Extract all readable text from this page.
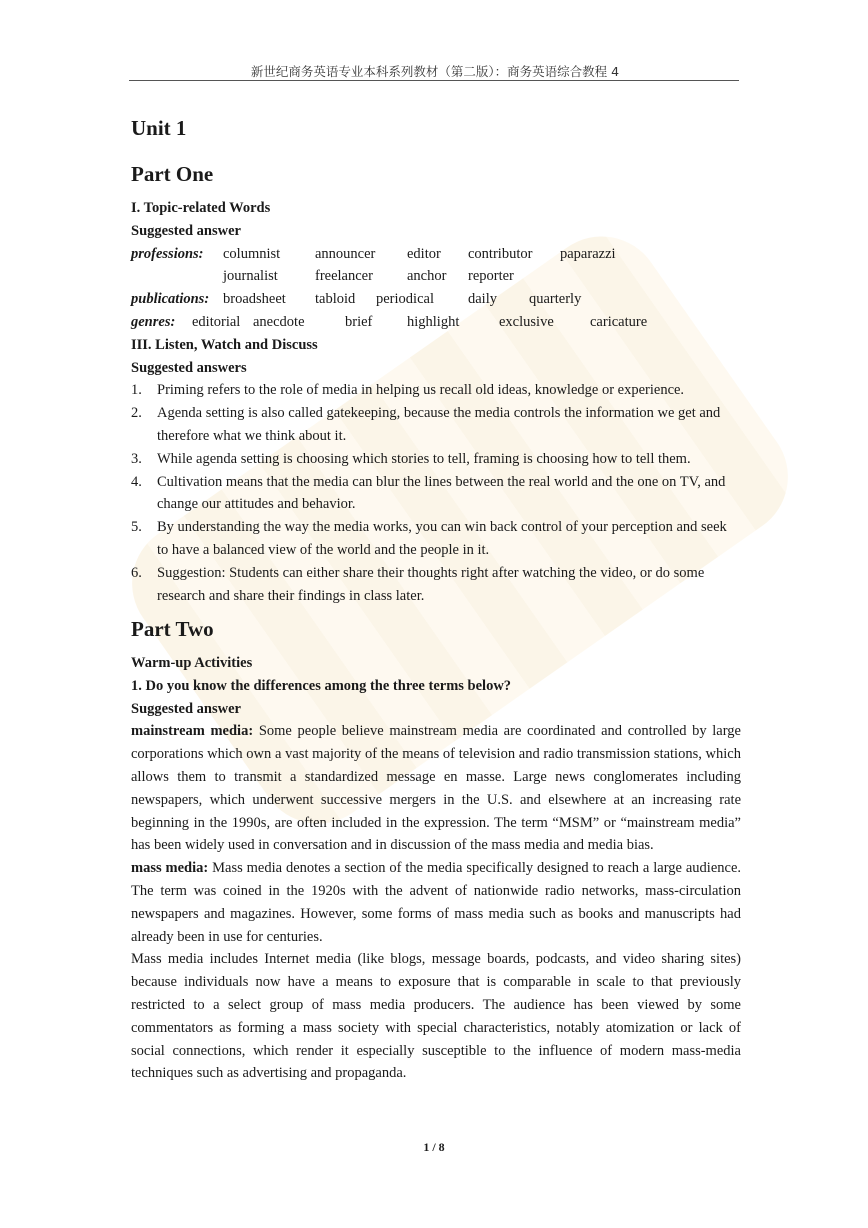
新世纪商务英语专业本科系列教材（第二版）：商务英语综合教程 4
Unit 1
Part One
I. Topic-related Words
Suggested answer
professions: columnist announcer editor contributor paparazzi
journalist	freelancer anchor reporter
publications: broadsheet tabloid periodical daily quarterly
genres: editorial anecdote	brief highlight	exclusive caricature
III. Listen, Watch and Discuss
Suggested answers
1. Priming refers to the role of media in helping us recall old ideas, knowledge or experience.
2. Agenda setting is also called gatekeeping, because the media controls the information we get and therefore what we think about it.
3. While agenda setting is choosing which stories to tell, framing is choosing how to tell them.
4. Cultivation means that the media can blur the lines between the real world and the one on TV, and change our attitudes and behavior.
5. By understanding the way the media works, you can win back control of your perception and seek to have a balanced view of the world and the people in it.
6. Suggestion: Students can either share their thoughts right after watching the video, or do some research and share their findings in class later.
Part Two
Warm-up Activities
1. Do you know the differences among the three terms below?
Suggested answer
mainstream media: Some people believe mainstream media are coordinated and controlled by large corporations which own a vast majority of the means of television and radio transmission stations, which allows them to transmit a standardized message en masse. Large news conglomerates including newspapers, which underwent successive mergers in the U.S. and elsewhere at an increasing rate beginning in the 1990s, are often included in the expression. The term “MSM” or “mainstream media” has been widely used in conversation and in discussion of the mass media and media bias.
mass media: Mass media denotes a section of the media specifically designed to reach a large audience. The term was coined in the 1920s with the advent of nationwide radio networks, mass-circulation newspapers and magazines. However, some forms of mass media such as books and manuscripts had already been in use for centuries.
Mass media includes Internet media (like blogs, message boards, podcasts, and video sharing sites) because individuals now have a means to exposure that is comparable in scale to that previously restricted to a select group of mass media producers. The audience has been viewed by some commentators as forming a mass society with special characteristics, notably atomization or lack of social connections, which render it especially susceptible to the influence of modern mass-media techniques such as advertising and propaganda.
1 / 8
